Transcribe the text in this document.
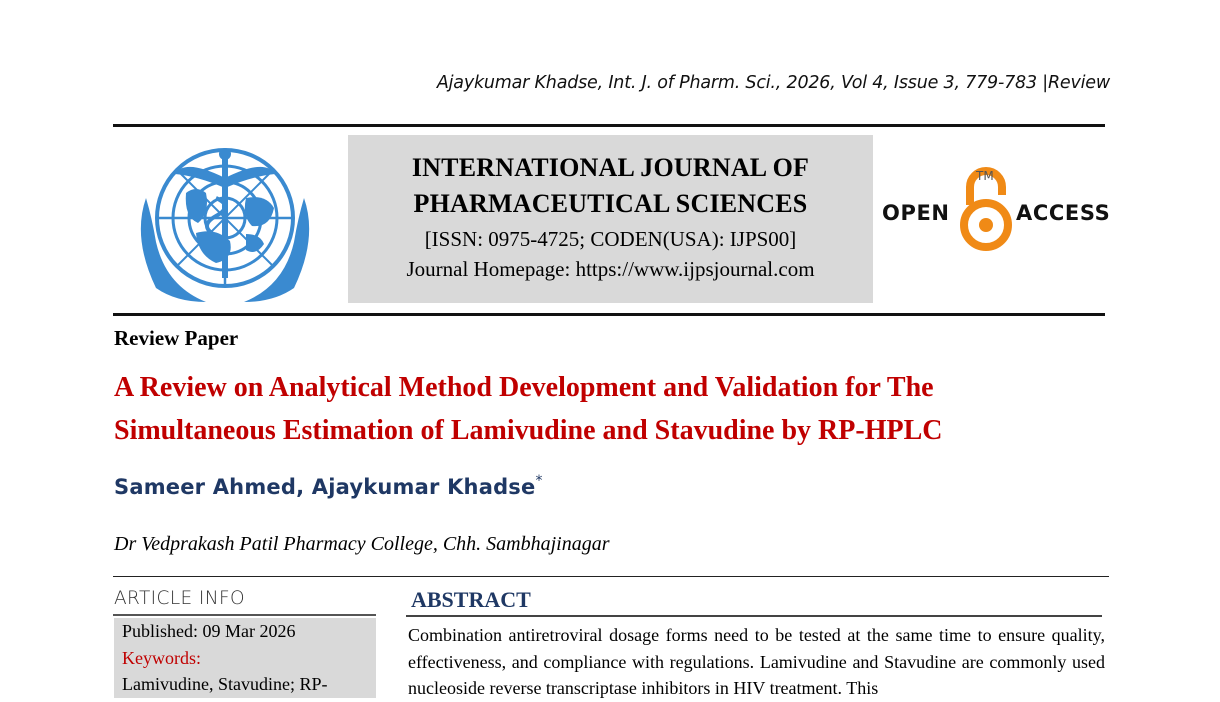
Ajaykumar Khadse, Int. J. of Pharm. Sci., 2026, Vol 4, Issue 3, 779-783 |Review
INTERNATIONAL JOURNAL OF
PHARMACEUTICAL SCIENCES
[ISSN: 0975-4725; CODEN(USA): IJPS00]
Journal Homepage: https://www.ijpsjournal.com
OPEN
TM
ACCESS
Review Paper
A Review on Analytical Method Development and Validation for The
Simultaneous Estimation of Lamivudine and Stavudine by RP-HPLC
Sameer Ahmed, Ajaykumar Khadse*
Dr Vedprakash Patil Pharmacy College, Chh. Sambhajinagar
ARTICLE INFO
Published: 09 Mar 2026
Keywords:
Lamivudine, Stavudine; RP-
ABSTRACT
Combination antiretroviral dosage forms need to be tested at the same time to ensure quality, effectiveness, and compliance with regulations. Lamivudine and Stavudine are commonly used nucleoside reverse transcriptase inhibitors in HIV treatment. This
